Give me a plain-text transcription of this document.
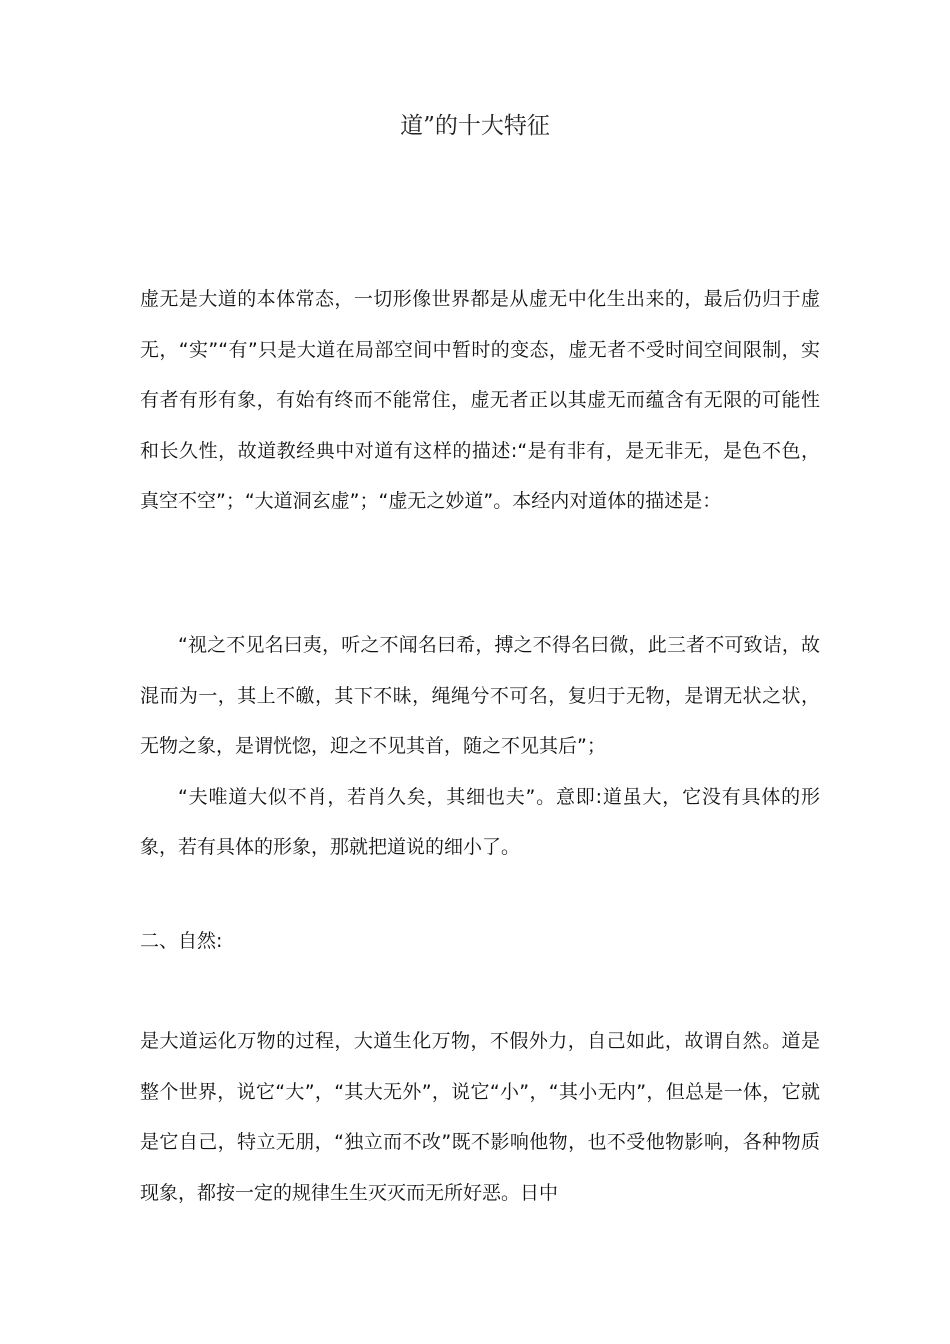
道”的十大特征

虚无是大道的本体常态，一切形像世界都是从虚无中化生出来的，最后仍归于虚无，“实”“有”只是大道在局部空间中暂时的变态，虚无者不受时间空间限制，实有者有形有象，有始有终而不能常住，虚无者正以其虚无而蕴含有无限的可能性和长久性，故道教经典中对道有这样的描述:“是有非有，是无非无，是色不色，真空不空”；“大道洞玄虚”；“虚无之妙道”。本经内对道体的描述是：

“视之不见名曰夷，听之不闻名曰希，搏之不得名曰微，此三者不可致诘，故混而为一，其上不皦，其下不昧，绳绳兮不可名，复归于无物，是谓无状之状，无物之象，是谓恍惚，迎之不见其首，随之不见其后”；

“夫唯道大似不肖，若肖久矣，其细也夫”。意即:道虽大，它没有具体的形象，若有具体的形象，那就把道说的细小了。

二、自然:

是大道运化万物的过程，大道生化万物，不假外力，自己如此，故谓自然。道是整个世界，说它“大”，“其大无外”，说它“小”，“其小无内”，但总是一体，它就是它自己，特立无朋，“独立而不改”既不影响他物，也不受他物影响，各种物质现象，都按一定的规律生生灭灭而无所好恶。日中
